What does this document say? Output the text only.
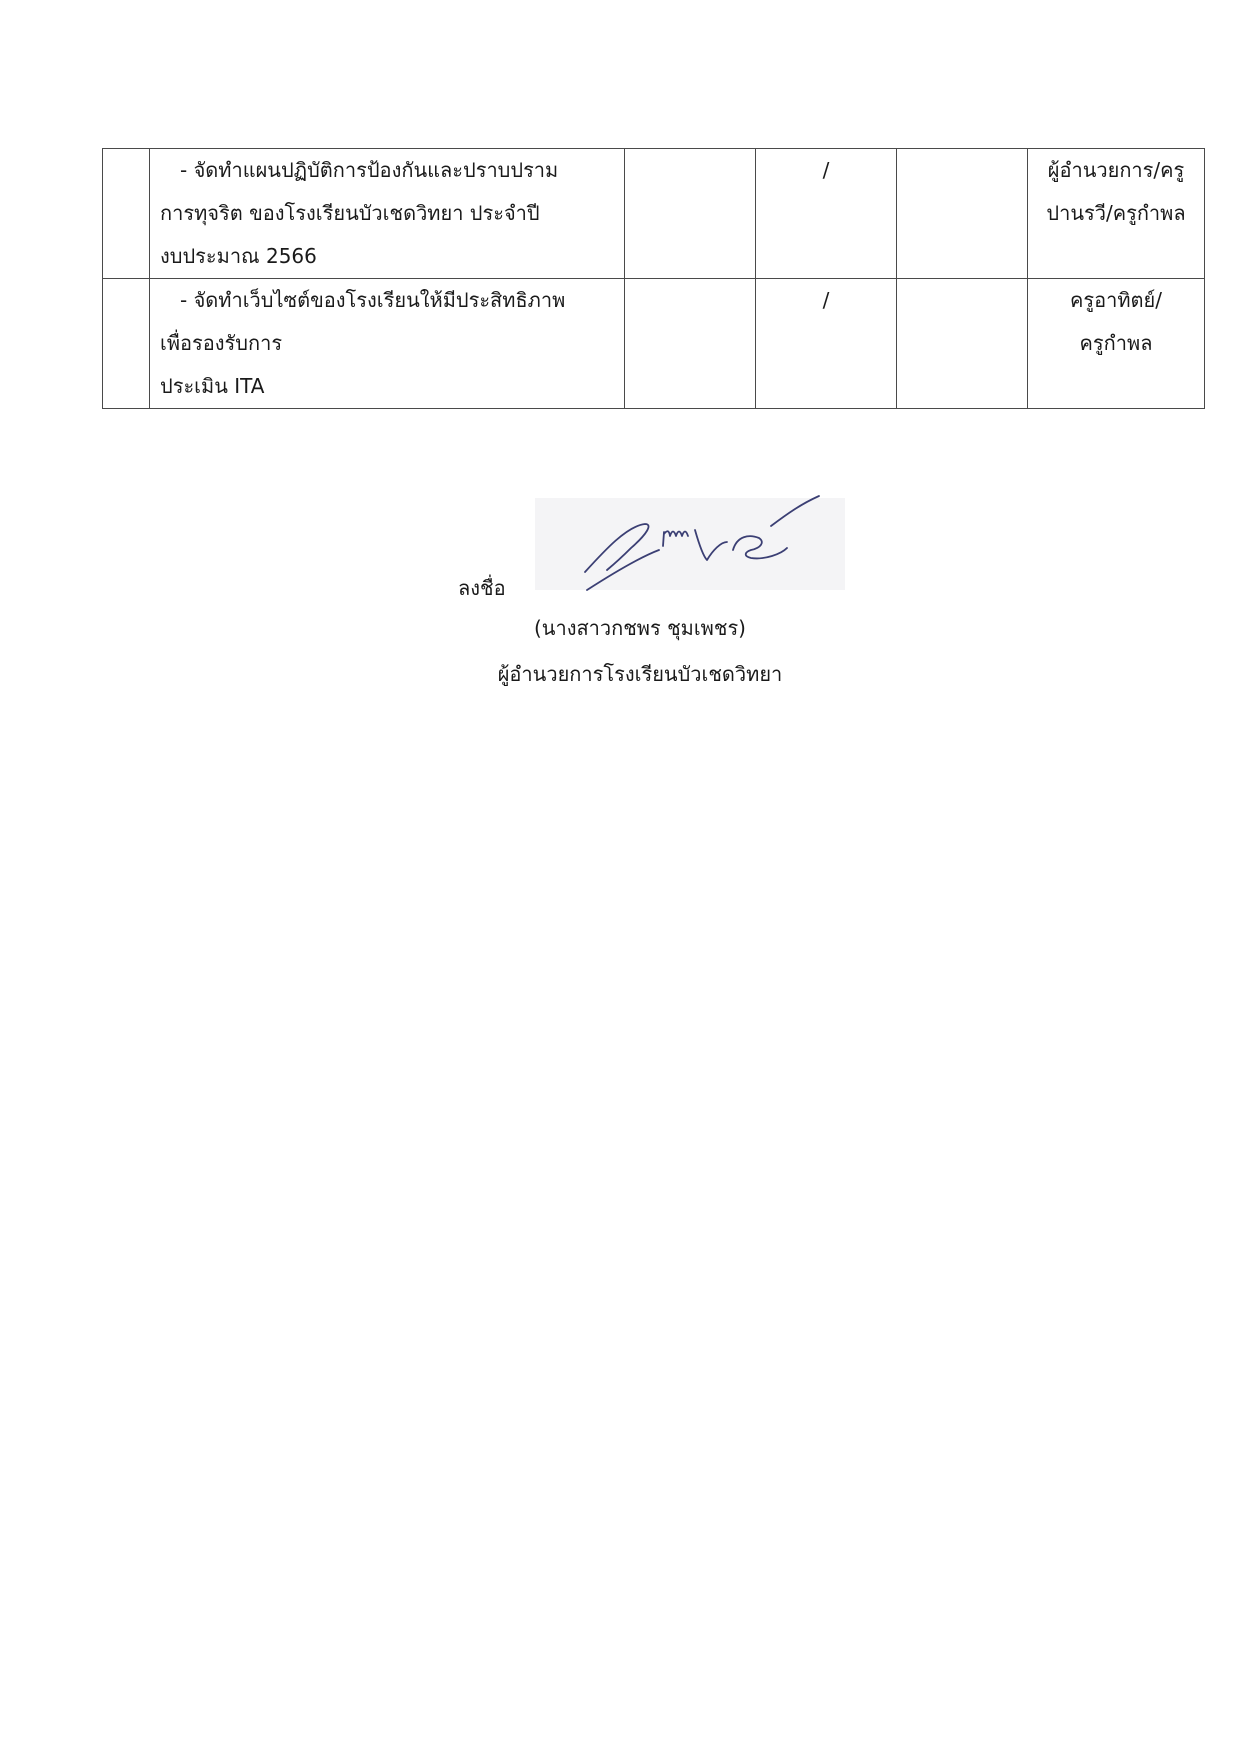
	- จัดทำแผนปฏิบัติการป้องกันและปราบปราม
การทุจริต ของโรงเรียนบัวเชดวิทยา ประจำปี
งบประมาณ 2566		/		ผู้อำนวยการ/ครู
ปานรวี/ครูกำพล

	- จัดทำเว็บไซต์ของโรงเรียนให้มีประสิทธิภาพ
เพื่อรองรับการ
ประเมิน ITA		/		ครูอาทิตย์/
ครูกำพล
ลงชื่อ
(นางสาวกชพร ชุมเพชร)
ผู้อำนวยการโรงเรียนบัวเชดวิทยา
